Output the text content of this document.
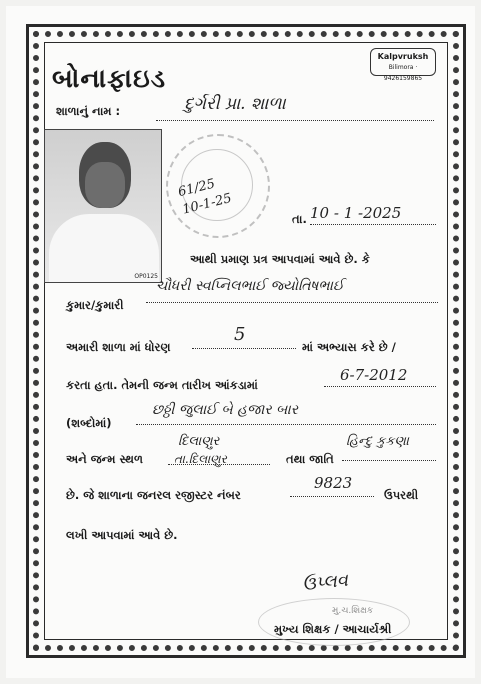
બોનાફાઇડ
Kalpvruksh
Bilimora · 9426159865
શાળાનું નામ :	દુર્ગરી પ્રા. શાળા
OP0125
61/25
10-1-25
તા. 10 - 1 -2025
આથી પ્રમાણ પ્રત્ર આપવામાં આવે છે. કે
કુમાર/કુમારી
ચૌધરી સ્વપ્નિલભાઈ જ્યોતિષભાઈ
અમારી શાળા માં ધોરણ
5
માં અભ્યાસ કરે છે /
કરતા હતા. તેમની જન્મ તારીખ આંકડામાં
6-7-2012
(શબ્દોમાં)
છઠ્ઠી જુલાઈ બે હજાર બાર
અને જન્મ સ્થળ
દિલાણુર
તા.દિલાણુર	તથા જાતિ
હિન્દુ કુકણા
છે. જે શાળાના જનરલ રજીસ્ટર નંબર
9823
ઉપરથી
લખી આપવામાં આવે છે.
ઉપ્લવ
મુ.ચ.શિક્ષક
મુખ્ય શિક્ષક / આચાર્યશ્રી
